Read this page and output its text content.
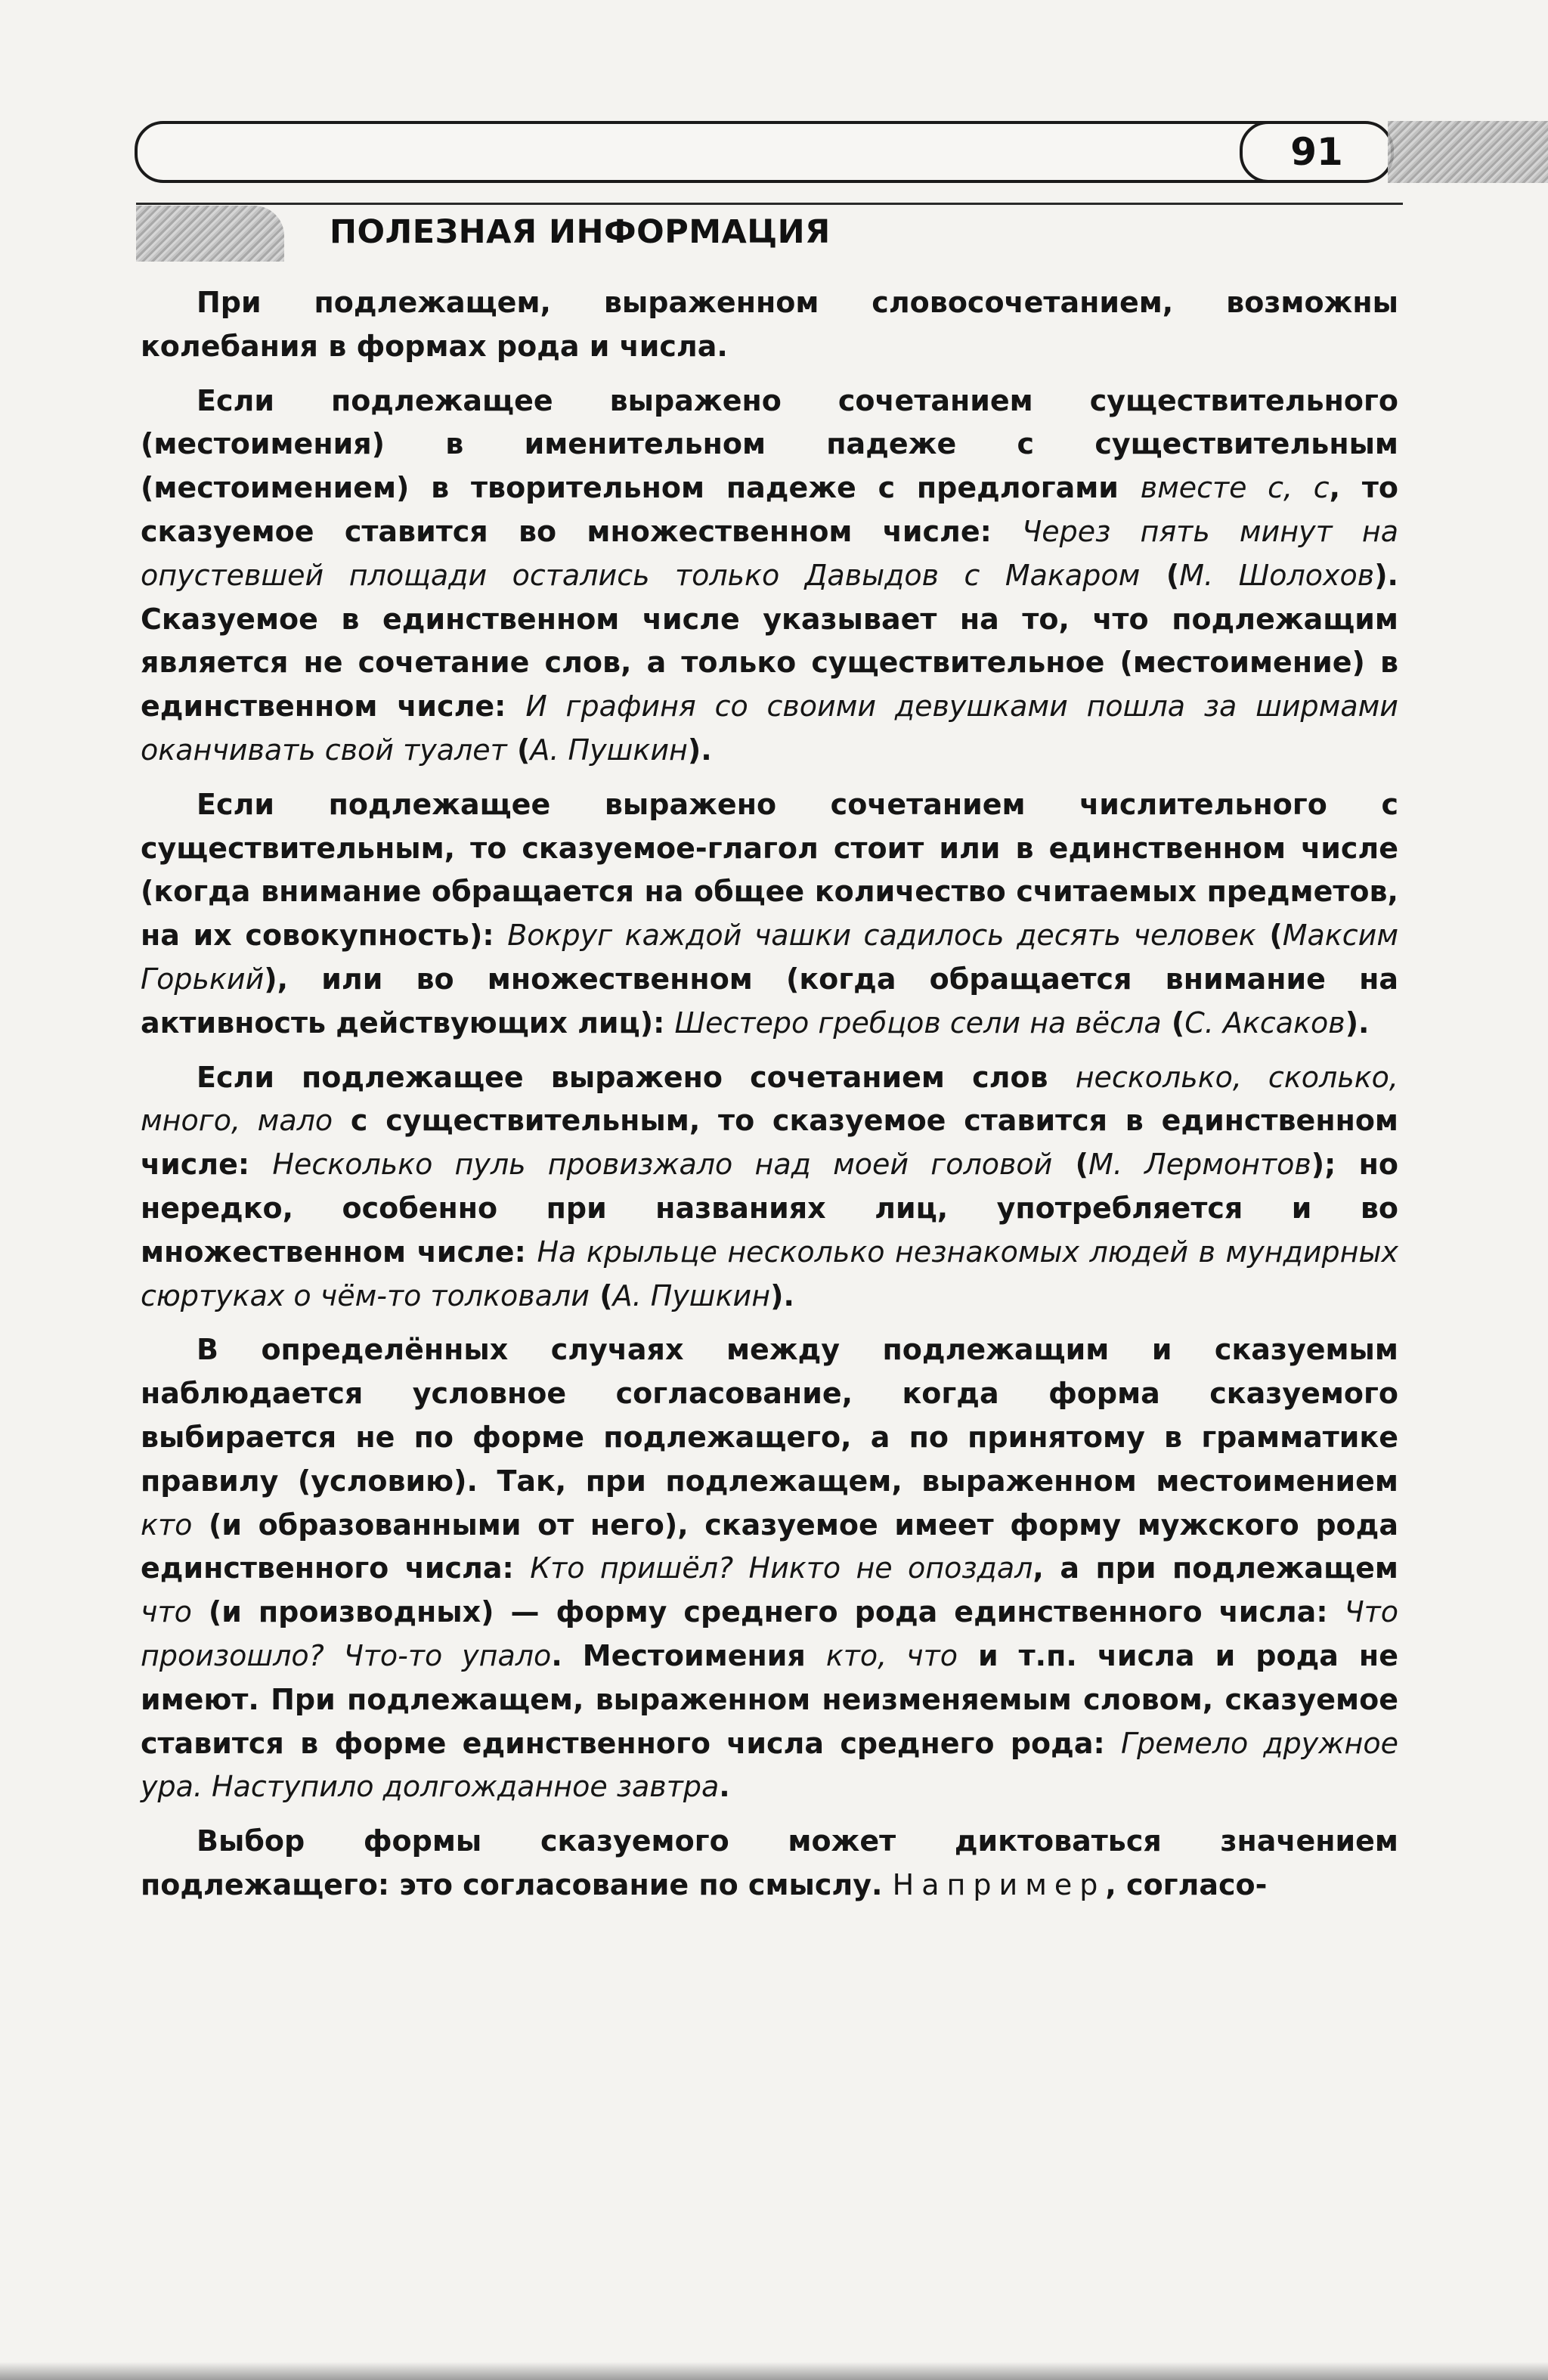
91
ПОЛЕЗНАЯ ИНФОРМАЦИЯ

При подлежащем, выраженном словосочетанием, возможны колебания в формах рода и числа.

Если подлежащее выражено сочетанием существительного (местоимения) в именительном падеже с существительным (местоимением) в творительном падеже с предлогами вместе с, с, то сказуемое ставится во множественном числе: Через пять минут на опустевшей площади остались только Давыдов с Макаром (М. Шолохов). Сказуемое в единственном числе указывает на то, что подлежащим является не сочетание слов, а только существительное (местоимение) в единственном числе: И графиня со своими девушками пошла за ширмами оканчивать свой туалет (А. Пушкин).

Если подлежащее выражено сочетанием числительного с существительным, то сказуемое-глагол стоит или в единственном числе (когда внимание обращается на общее количество считаемых предметов, на их совокупность): Вокруг каждой чашки садилось десять человек (Максим Горький), или во множественном (когда обращается внимание на активность действующих лиц): Шестеро гребцов сели на вёсла (С. Аксаков).

Если подлежащее выражено сочетанием слов несколько, сколько, много, мало с существительным, то сказуемое ставится в единственном числе: Несколько пуль провизжало над моей головой (М. Лермонтов); но нередко, особенно при названиях лиц, употребляется и во множественном числе: На крыльце несколько незнакомых людей в мундирных сюртуках о чём-то толковали (А. Пушкин).

В определённых случаях между подлежащим и сказуемым наблюдается условное согласование, когда форма сказуемого выбирается не по форме подлежащего, а по принятому в грамматике правилу (условию). Так, при подлежащем, выраженном местоимением кто (и образованными от него), сказуемое имеет форму мужского рода единственного числа: Кто пришёл? Никто не опоздал, а при подлежащем что (и производных) — форму среднего рода единственного числа: Что произошло? Что-то упало. Местоимения кто, что и т.п. числа и рода не имеют. При подлежащем, выраженном неизменяемым словом, сказуемое ставится в форме единственного числа среднего рода: Гремело дружное ура. Наступило долгожданное завтра.

Выбор формы сказуемого может диктоваться значением подлежащего: это согласование по смыслу. Например, согласо-
